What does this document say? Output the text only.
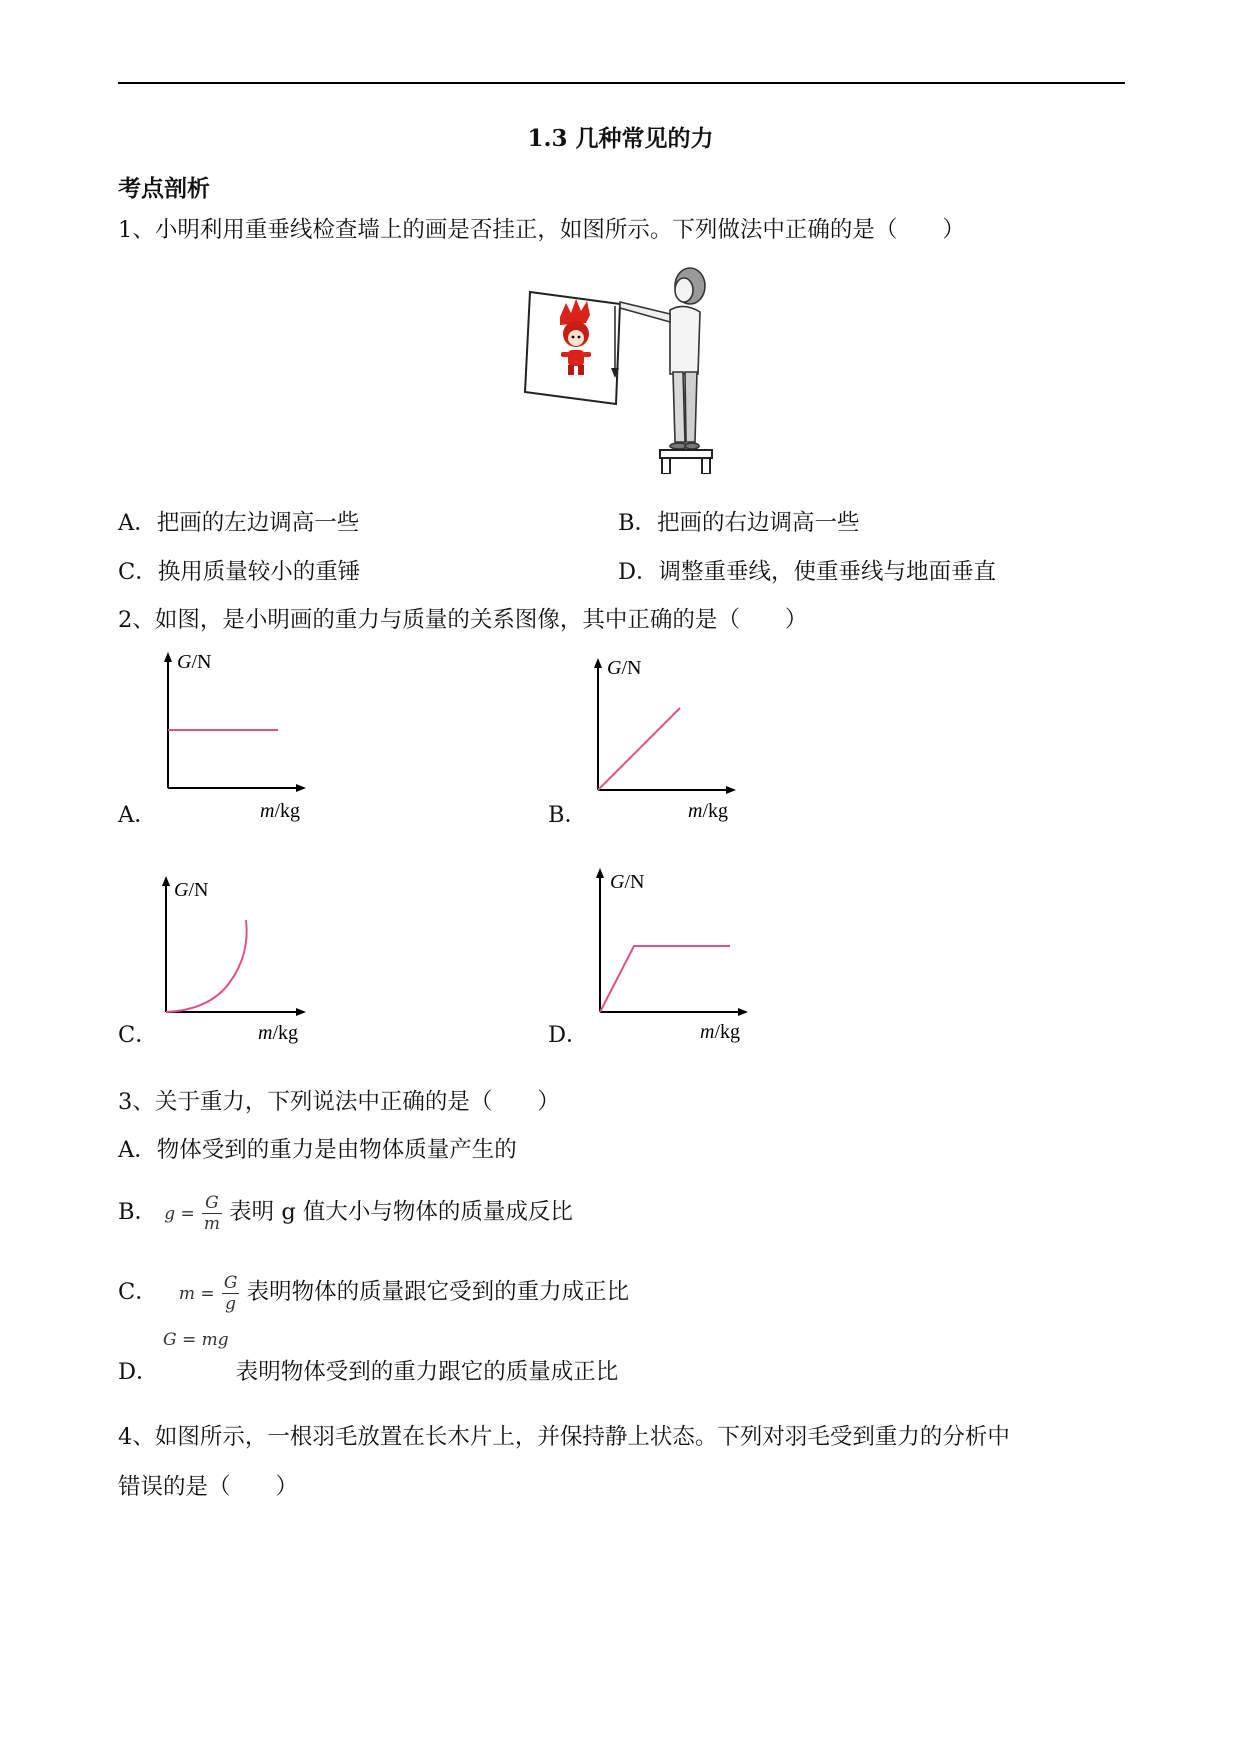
1.3 几种常见的力
考点剖析
1、小明利用重垂线检查墙上的画是否挂正，如图所示。下列做法中正确的是（　　）
A．把画的左边调高一些	B．把画的右边调高一些
C．换用质量较小的重锤	D．调整重垂线，使重垂线与地面垂直
2、如图，是小明画的重力与质量的关系图像，其中正确的是（　　）
A．
G/N
m/kg	B．
G/N
m/kg
C．
G/N
m/kg	D．
G/N
m/kg
3、关于重力，下列说法中正确的是（　　）
A．物体受到的重力是由物体质量产生的
B． $g = \frac{G}{m}$ 表明 g 值大小与物体的质量成反比
C． $m = \frac{G}{g}$ 表明物体的质量跟它受到的重力成正比
G = mg
D．	表明物体受到的重力跟它的质量成正比
4、如图所示，一根羽毛放置在长木片上，并保持静上状态。下列对羽毛受到重力的分析中
错误的是（　　）
